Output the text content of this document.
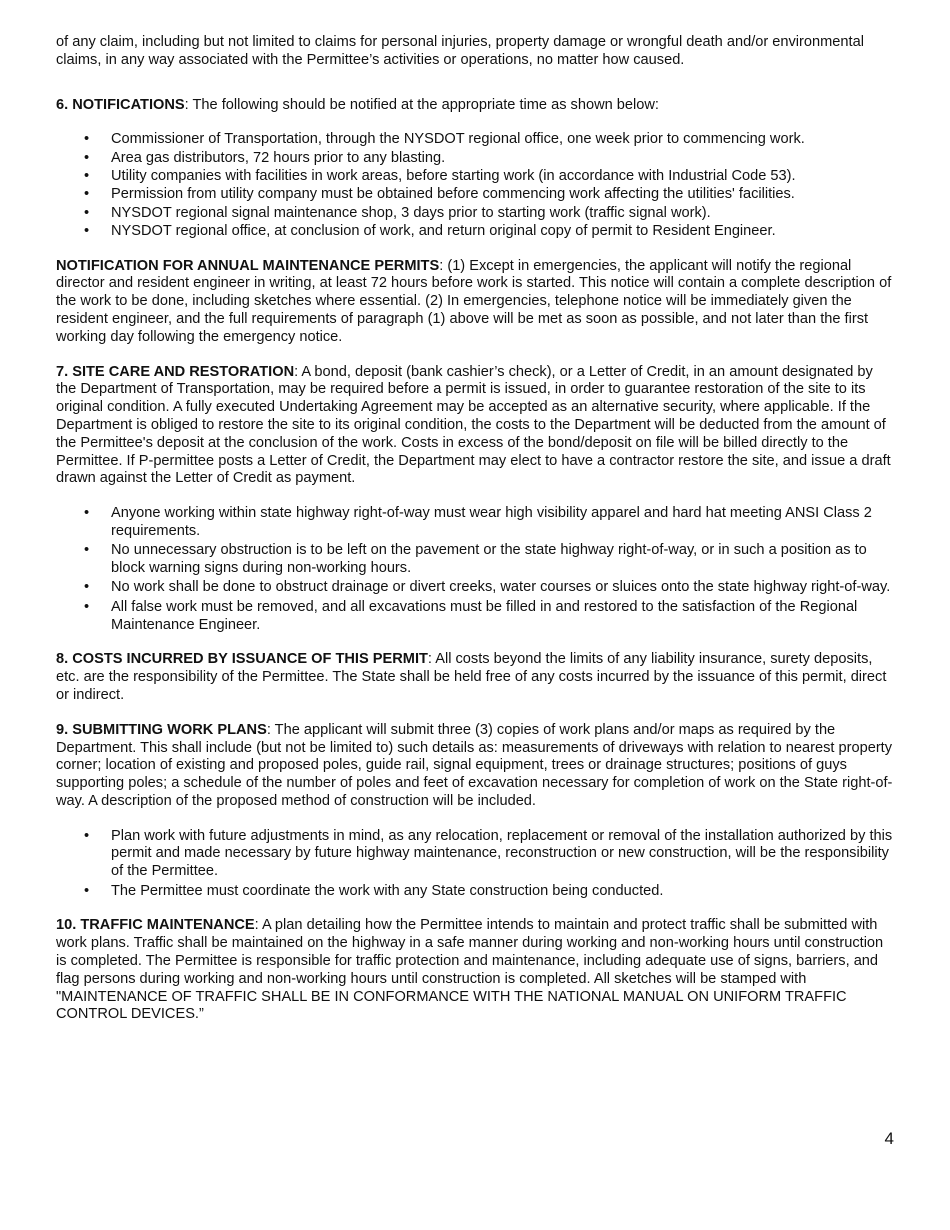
of any claim, including but not limited to claims for personal injuries, property damage or wrongful death and/or environmental claims, in any way associated with the Permittee’s activities or operations, no matter how caused.

6. NOTIFICATIONS: The following should be notified at the appropriate time as shown below:

• Commissioner of Transportation, through the NYSDOT regional office, one week prior to commencing work.
• Area gas distributors, 72 hours prior to any blasting.
• Utility companies with facilities in work areas, before starting work (in accordance with Industrial Code 53).
• Permission from utility company must be obtained before commencing work affecting the utilities' facilities.
• NYSDOT regional signal maintenance shop, 3 days prior to starting work (traffic signal work).
• NYSDOT regional office, at conclusion of work, and return original copy of permit to Resident Engineer.

NOTIFICATION FOR ANNUAL MAINTENANCE PERMITS: (1) Except in emergencies, the applicant will notify the regional director and resident engineer in writing, at least 72 hours before work is started. This notice will contain a complete description of the work to be done, including sketches where essential. (2) In emergencies, telephone notice will be immediately given the resident engineer, and the full requirements of paragraph (1) above will be met as soon as possible, and not later than the first working day following the emergency notice.

7. SITE CARE AND RESTORATION: A bond, deposit (bank cashier’s check), or a Letter of Credit, in an amount designated by the Department of Transportation, may be required before a permit is issued, in order to guarantee restoration of the site to its original condition. A fully executed Undertaking Agreement may be accepted as an alternative security, where applicable. If the Department is obliged to restore the site to its original condition, the costs to the Department will be deducted from the amount of the Permittee's deposit at the conclusion of the work. Costs in excess of the bond/deposit on file will be billed directly to the Permittee. If P-permittee posts a Letter of Credit, the Department may elect to have a contractor restore the site, and issue a draft drawn against the Letter of Credit as payment.

• Anyone working within state highway right-of-way must wear high visibility apparel and hard hat meeting ANSI Class 2 requirements.
• No unnecessary obstruction is to be left on the pavement or the state highway right-of-way, or in such a position as to block warning signs during non-working hours.
• No work shall be done to obstruct drainage or divert creeks, water courses or sluices onto the state highway right-of-way.
• All false work must be removed, and all excavations must be filled in and restored to the satisfaction of the Regional Maintenance Engineer.

8. COSTS INCURRED BY ISSUANCE OF THIS PERMIT: All costs beyond the limits of any liability insurance, surety deposits, etc. are the responsibility of the Permittee. The State shall be held free of any costs incurred by the issuance of this permit, direct or indirect.

9. SUBMITTING WORK PLANS: The applicant will submit three (3) copies of work plans and/or maps as required by the Department. This shall include (but not be limited to) such details as: measurements of driveways with relation to nearest property corner; location of existing and proposed poles, guide rail, signal equipment, trees or drainage structures; positions of guys supporting poles; a schedule of the number of poles and feet of excavation necessary for completion of work on the State right-of-way. A description of the proposed method of construction will be included.

• Plan work with future adjustments in mind, as any relocation, replacement or removal of the installation authorized by this permit and made necessary by future highway maintenance, reconstruction or new construction, will be the responsibility of the Permittee.
• The Permittee must coordinate the work with any State construction being conducted.

10. TRAFFIC MAINTENANCE: A plan detailing how the Permittee intends to maintain and protect traffic shall be submitted with work plans. Traffic shall be maintained on the highway in a safe manner during working and non-working hours until construction is completed. The Permittee is responsible for traffic protection and maintenance, including adequate use of signs, barriers, and flag persons during working and non-working hours until construction is completed. All sketches will be stamped with "MAINTENANCE OF TRAFFIC SHALL BE IN CONFORMANCE WITH THE NATIONAL MANUAL ON UNIFORM TRAFFIC CONTROL DEVICES.”

4
